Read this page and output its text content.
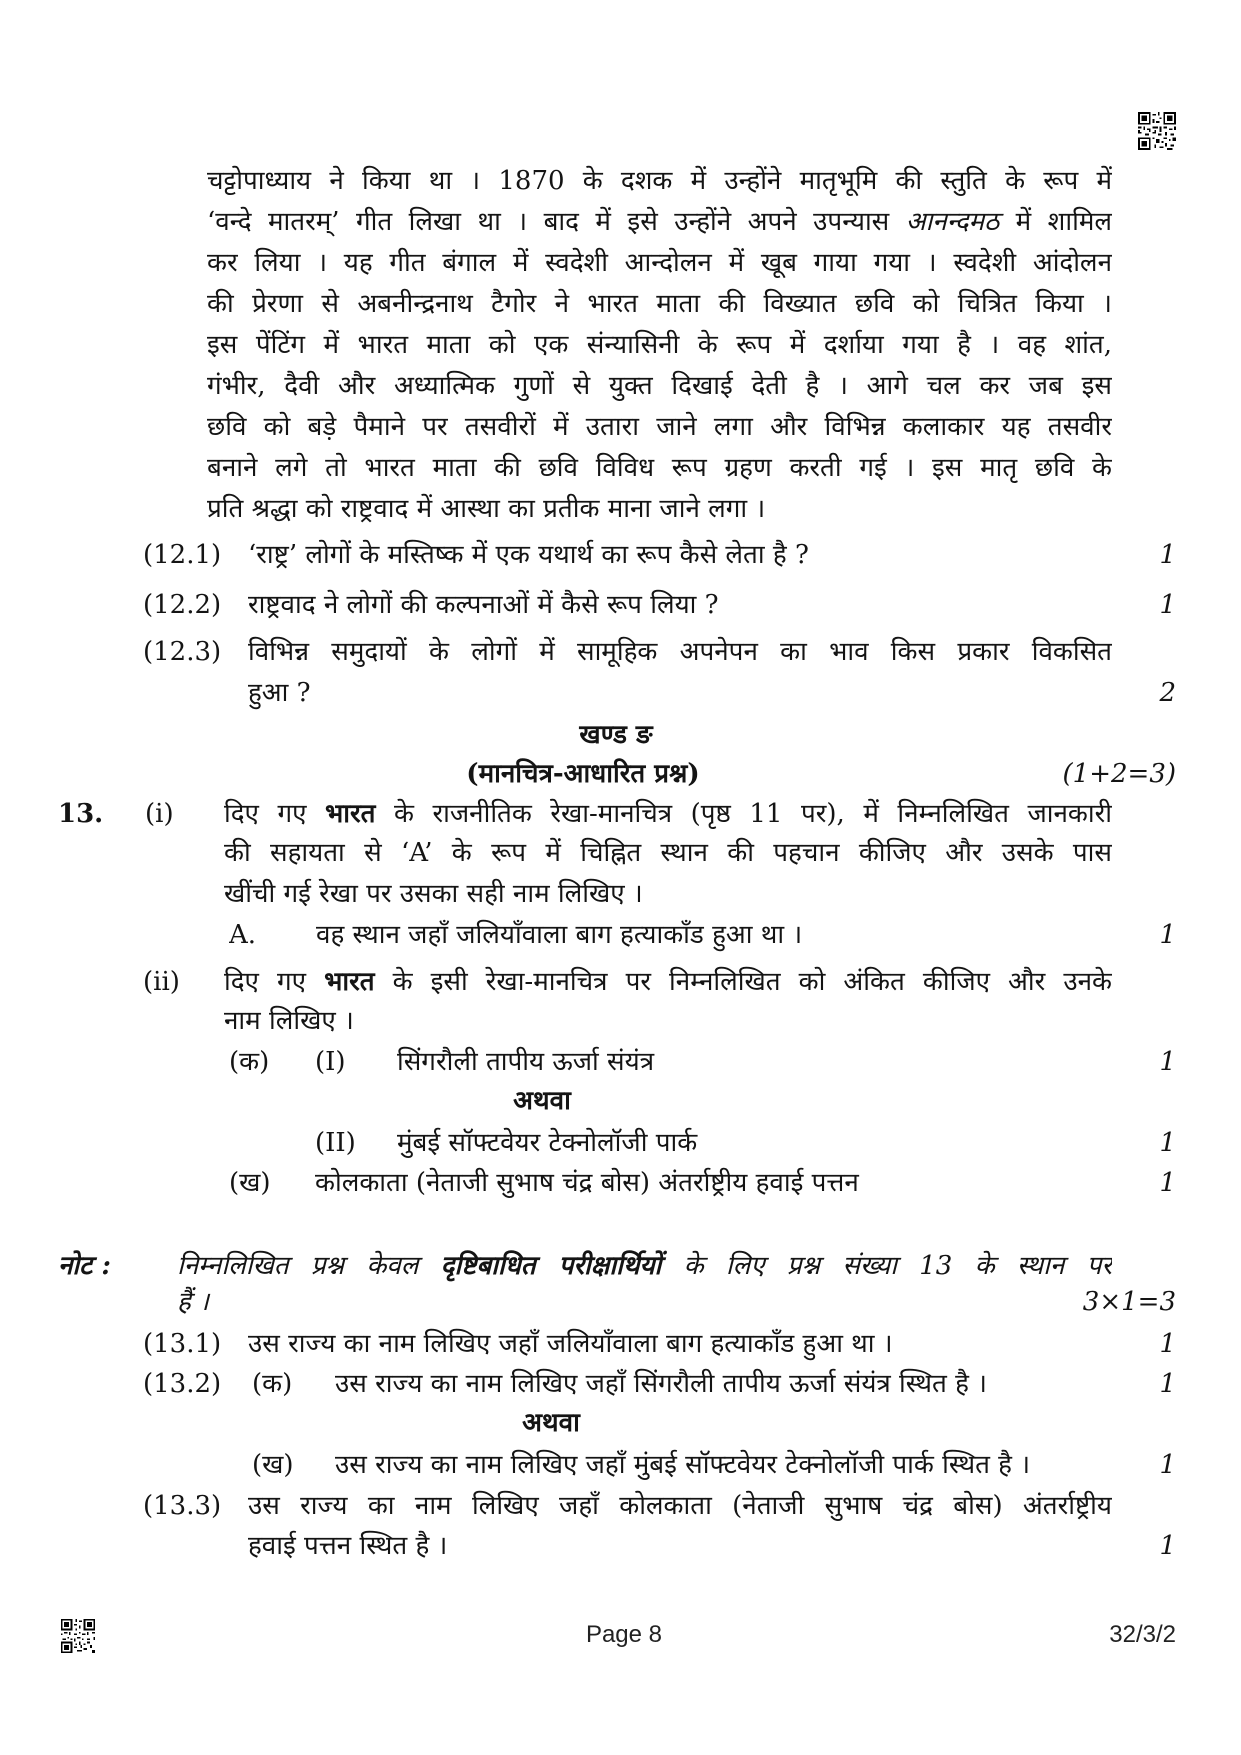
चट्टोपाध्याय ने किया था । 1870 के दशक में उन्होंने मातृभूमि की स्तुति के रूप में
‘वन्दे मातरम्’ गीत लिखा था । बाद में इसे उन्होंने अपने उपन्यास आनन्दमठ में शामिल
कर लिया । यह गीत बंगाल में स्वदेशी आन्दोलन में खूब गाया गया । स्वदेशी आंदोलन
की प्रेरणा से अबनीन्द्रनाथ टैगोर ने भारत माता की विख्यात छवि को चित्रित किया ।
इस पेंटिंग में भारत माता को एक संन्यासिनी के रूप में दर्शाया गया है । वह शांत,
गंभीर, दैवी और अध्यात्मिक गुणों से युक्त दिखाई देती है । आगे चल कर जब इस
छवि को बड़े पैमाने पर तसवीरों में उतारा जाने लगा और विभिन्न कलाकार यह तसवीर
बनाने लगे तो भारत माता की छवि विविध रूप ग्रहण करती गई । इस मातृ छवि के
प्रति श्रद्धा को राष्ट्रवाद में आस्था का प्रतीक माना जाने लगा ।
(12.1)	‘राष्ट्र’ लोगों के मस्तिष्क में एक यथार्थ का रूप कैसे लेता है ?	1
(12.2)	राष्ट्रवाद ने लोगों की कल्पनाओं में कैसे रूप लिया ?	1
(12.3)	विभिन्न समुदायों के लोगों में सामूहिक अपनेपन का भाव किस प्रकार विकसित
हुआ ?	2
खण्ड ङ
(मानचित्र-आधारित प्रश्न)	(1+2=3)
13.	(i)	दिए गए भारत के राजनीतिक रेखा-मानचित्र (पृष्ठ 11 पर), में निम्नलिखित जानकारी
की सहायता से ‘A’ के रूप में चिह्नित स्थान की पहचान कीजिए और उसके पास
खींची गई रेखा पर उसका सही नाम लिखिए ।
A.	वह स्थान जहाँ जलियाँवाला बाग हत्याकाँड हुआ था ।	1
(ii)	दिए गए भारत के इसी रेखा-मानचित्र पर निम्नलिखित को अंकित कीजिए और उनके
नाम लिखिए ।
(क)	(I)	सिंगरौली तापीय ऊर्जा संयंत्र	1
अथवा
(II)	मुंबई सॉफ्टवेयर टेक्नोलॉजी पार्क	1
(ख)	कोलकाता (नेताजी सुभाष चंद्र बोस) अंतर्राष्ट्रीय हवाई पत्तन	1
नोट :	निम्नलिखित प्रश्न केवल दृष्टिबाधित परीक्षार्थियों के लिए प्रश्न संख्या 13 के स्थान पर
हैं ।	3×1=3
(13.1)	उस राज्य का नाम लिखिए जहाँ जलियाँवाला बाग हत्याकाँड हुआ था ।	1
(13.2)	(क)	उस राज्य का नाम लिखिए जहाँ सिंगरौली तापीय ऊर्जा संयंत्र स्थित है ।	1
अथवा
(ख)	उस राज्य का नाम लिखिए जहाँ मुंबई सॉफ्टवेयर टेक्नोलॉजी पार्क स्थित है ।	1
(13.3)	उस राज्य का नाम लिखिए जहाँ कोलकाता (नेताजी सुभाष चंद्र बोस) अंतर्राष्ट्रीय
हवाई पत्तन स्थित है ।	1
Page 8	32/3/2
